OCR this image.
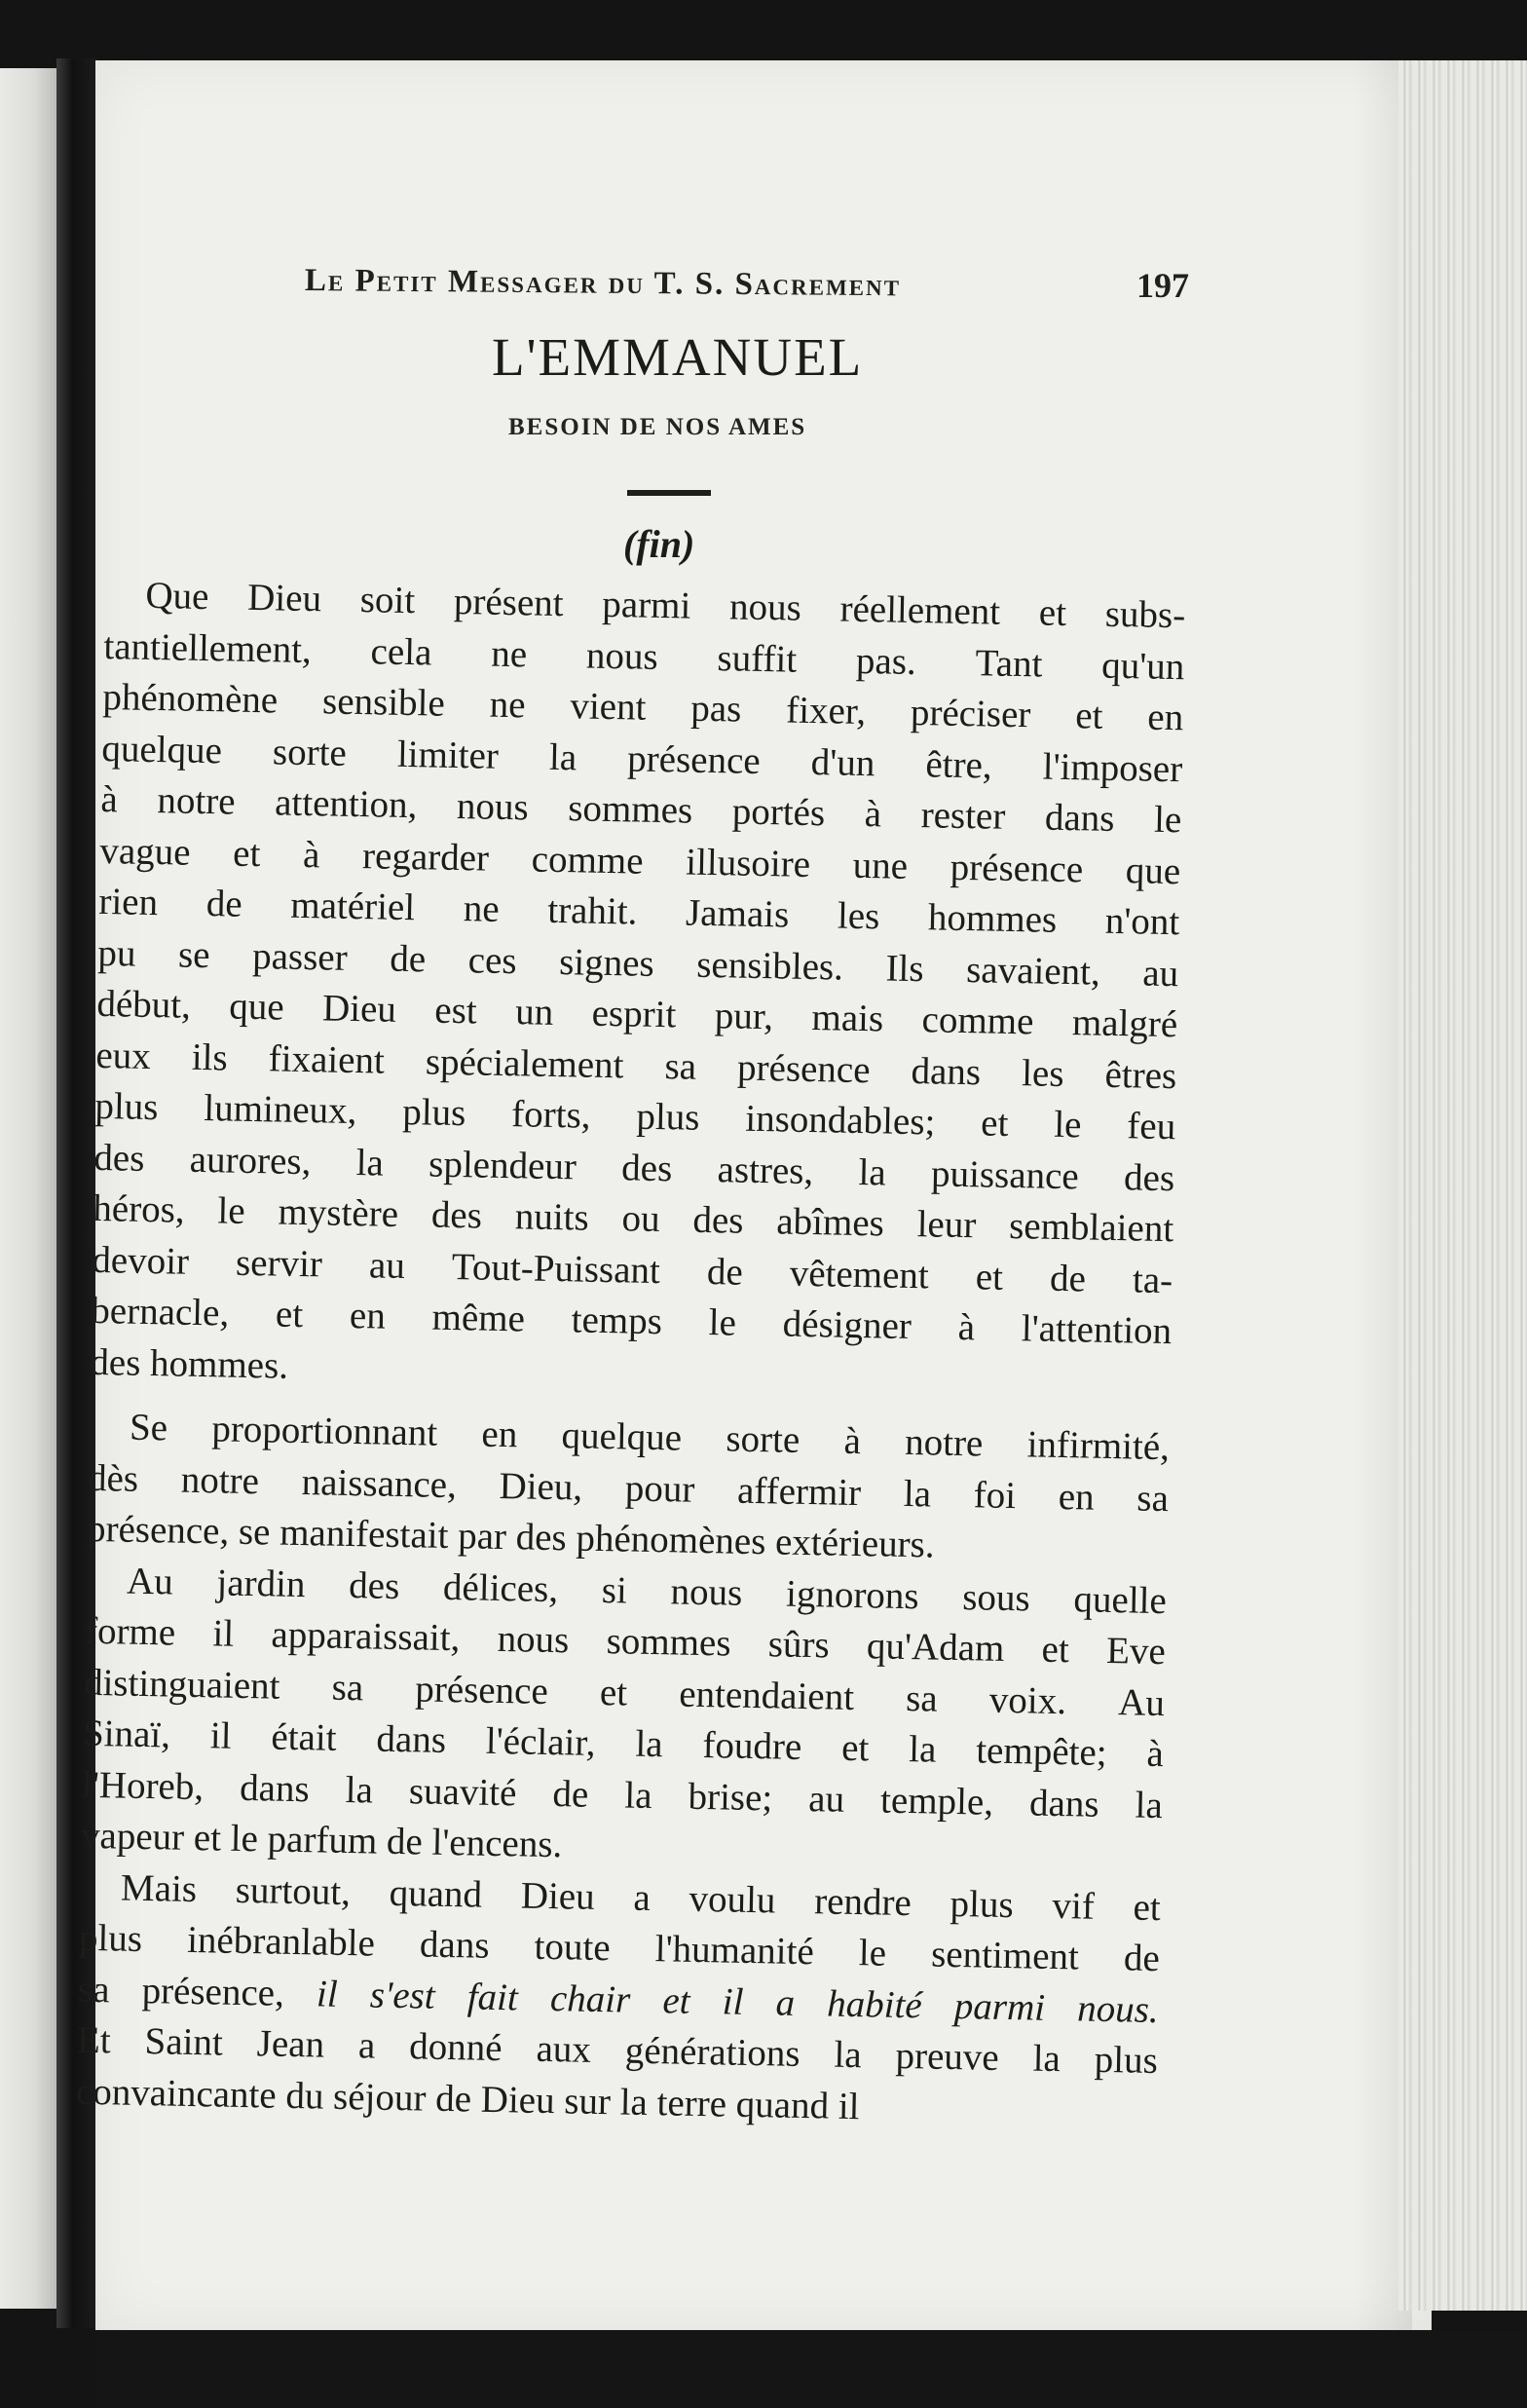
Le Petit Messager du T. S. Sacrement	197
L'EMMANUEL
BESOIN DE NOS AMES
(fin)
Que Dieu soit présent parmi nous réellement et subs-
tantiellement, cela ne nous suffit pas. Tant qu'un
phénomène sensible ne vient pas fixer, préciser et en
quelque sorte limiter la présence d'un être, l'imposer
à notre attention, nous sommes portés à rester dans le
vague et à regarder comme illusoire une présence que
rien de matériel ne trahit. Jamais les hommes n'ont
pu se passer de ces signes sensibles. Ils savaient, au
début, que Dieu est un esprit pur, mais comme malgré
eux ils fixaient spécialement sa présence dans les êtres
plus lumineux, plus forts, plus insondables; et le feu
des aurores, la splendeur des astres, la puissance des
héros, le mystère des nuits ou des abîmes leur semblaient
devoir servir au Tout-Puissant de vêtement et de ta-
bernacle, et en même temps le désigner à l'attention
des hommes.
Se proportionnant en quelque sorte à notre infirmité,
dès notre naissance, Dieu, pour affermir la foi en sa
présence, se manifestait par des phénomènes extérieurs.
Au jardin des délices, si nous ignorons sous quelle
forme il apparaissait, nous sommes sûrs qu'Adam et Eve
distinguaient sa présence et entendaient sa voix. Au
Sinaï, il était dans l'éclair, la foudre et la tempête; à
l'Horeb, dans la suavité de la brise; au temple, dans la
vapeur et le parfum de l'encens.
Mais surtout, quand Dieu a voulu rendre plus vif et
plus inébranlable dans toute l'humanité le sentiment de
sa présence, il s'est fait chair et il a habité parmi nous.
Et Saint Jean a donné aux générations la preuve la plus
convaincante du séjour de Dieu sur la terre quand il
